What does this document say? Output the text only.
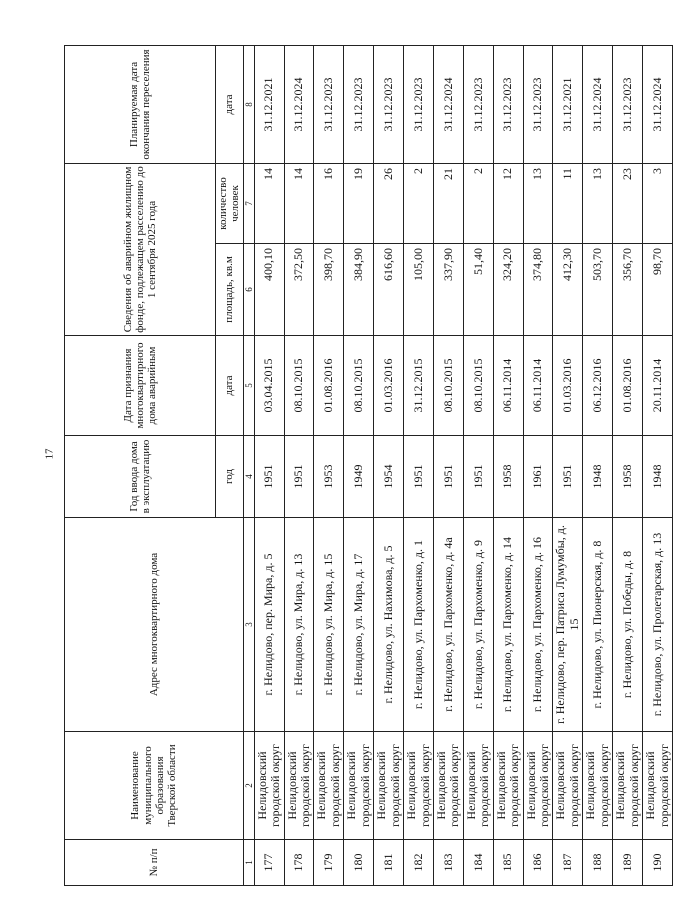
17
№ п/п	Наименование муниципального образования Тверской области	Адрес многоквартирного дома	Год ввода дома в эксплуатацию	Дата признания многоквартирного дома аварийным	Сведения об аварийном жилищном фонде, подлежащем расселению до 1 сентября 2025 года		Планируемая дата окончания переселения
			год	дата	площадь, кв.м	количество человек	дата
1	2	3	4	5	6	7	8
177	Нелидовский городской округ	г. Нелидово, пер. Мира, д. 5	1951	03.04.2015	400,10	14	31.12.2021
178	Нелидовский городской округ	г. Нелидово, ул. Мира, д. 13	1951	08.10.2015	372,50	14	31.12.2024
179	Нелидовский городской округ	г. Нелидово, ул. Мира, д. 15	1953	01.08.2016	398,70	16	31.12.2023
180	Нелидовский городской округ	г. Нелидово, ул. Мира, д. 17	1949	08.10.2015	384,90	19	31.12.2023
181	Нелидовский городской округ	г. Нелидово, ул. Нахимова, д. 5	1954	01.03.2016	616,60	26	31.12.2023
182	Нелидовский городской округ	г. Нелидово, ул. Пархоменко, д. 1	1951	31.12.2015	105,00	2	31.12.2023
183	Нелидовский городской округ	г. Нелидово, ул. Пархоменко, д. 4а	1951	08.10.2015	337,90	21	31.12.2024
184	Нелидовский городской округ	г. Нелидово, ул. Пархоменко, д. 9	1951	08.10.2015	51,40	2	31.12.2023
185	Нелидовский городской округ	г. Нелидово, ул. Пархоменко, д. 14	1958	06.11.2014	324,20	12	31.12.2023
186	Нелидовский городской округ	г. Нелидово, ул. Пархоменко, д. 16	1961	06.11.2014	374,80	13	31.12.2023
187	Нелидовский городской округ	г. Нелидово, пер. Патриса Лумумбы, д. 15	1951	01.03.2016	412,30	11	31.12.2021
188	Нелидовский городской округ	г. Нелидово, ул. Пионерская, д. 8	1948	06.12.2016	503,70	13	31.12.2024
189	Нелидовский городской округ	г. Нелидово, ул. Победы, д. 8	1958	01.08.2016	356,70	23	31.12.2023
190	Нелидовский городской округ	г. Нелидово, ул. Пролетарская, д. 13	1948	20.11.2014	98,70	3	31.12.2024
